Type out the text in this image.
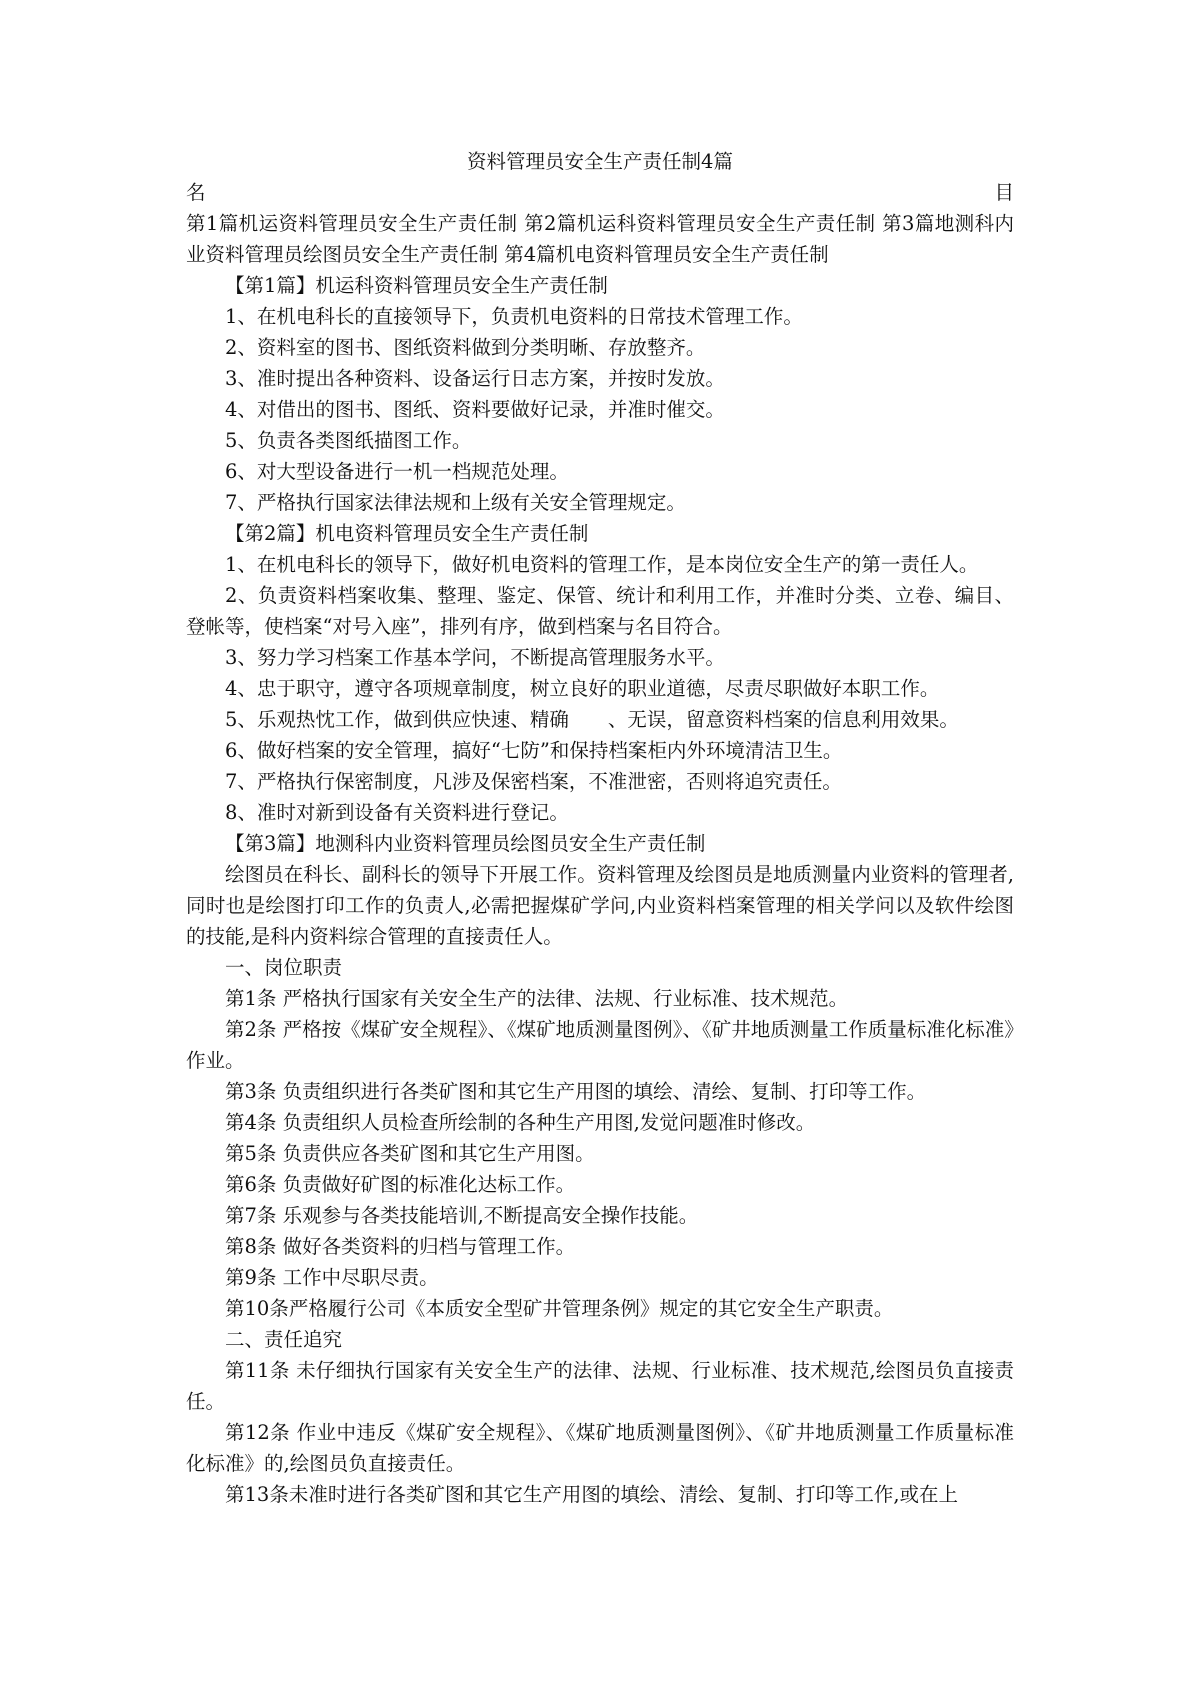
资料管理员安全生产责任制4篇

名	目

第1篇机运资料管理员安全生产责任制 第2篇机运科资料管理员安全生产责任制 第3篇地测科内业资料管理员绘图员安全生产责任制 第4篇机电资料管理员安全生产责任制

【第1篇】机运科资料管理员安全生产责任制

1、在机电科长的直接领导下，负责机电资料的日常技术管理工作。

2、资料室的图书、图纸资料做到分类明晰、存放整齐。

3、准时提出各种资料、设备运行日志方案，并按时发放。

4、对借出的图书、图纸、资料要做好记录，并准时催交。

5、负责各类图纸描图工作。

6、对大型设备进行一机一档规范处理。

7、严格执行国家法律法规和上级有关安全管理规定。

【第2篇】机电资料管理员安全生产责任制

1、在机电科长的领导下，做好机电资料的管理工作，是本岗位安全生产的第一责任人。

2、负责资料档案收集、整理、鉴定、保管、统计和利用工作，并准时分类、立卷、编目、登帐等，使档案“对号入座”，排列有序，做到档案与名目符合。

3、努力学习档案工作基本学问，不断提高管理服务水平。

4、忠于职守，遵守各项规章制度，树立良好的职业道德，尽责尽职做好本职工作。

5、乐观热忱工作，做到供应快速、精确　　、无误，留意资料档案的信息利用效果。

6、做好档案的安全管理，搞好“七防”和保持档案柜内外环境清洁卫生。

7、严格执行保密制度，凡涉及保密档案，不准泄密，否则将追究责任。

8、准时对新到设备有关资料进行登记。

【第3篇】地测科内业资料管理员绘图员安全生产责任制

绘图员在科长、副科长的领导下开展工作。资料管理及绘图员是地质测量内业资料的管理者,同时也是绘图打印工作的负责人,必需把握煤矿学问,内业资料档案管理的相关学问以及软件绘图的技能,是科内资料综合管理的直接责任人。

一、岗位职责

第1条 严格执行国家有关安全生产的法律、法规、行业标准、技术规范。

第2条 严格按《煤矿安全规程》、《煤矿地质测量图例》、《矿井地质测量工作质量标准化标准》作业。

第3条 负责组织进行各类矿图和其它生产用图的填绘、清绘、复制、打印等工作。

第4条 负责组织人员检查所绘制的各种生产用图,发觉问题准时修改。

第5条 负责供应各类矿图和其它生产用图。

第6条 负责做好矿图的标准化达标工作。

第7条 乐观参与各类技能培训,不断提高安全操作技能。

第8条 做好各类资料的归档与管理工作。

第9条 工作中尽职尽责。

第10条严格履行公司《本质安全型矿井管理条例》规定的其它安全生产职责。

二、责任追究

第11条 未仔细执行国家有关安全生产的法律、法规、行业标准、技术规范,绘图员负直接责任。

第12条 作业中违反《煤矿安全规程》、《煤矿地质测量图例》、《矿井地质测量工作质量标准化标准》的,绘图员负直接责任。

第13条未准时进行各类矿图和其它生产用图的填绘、清绘、复制、打印等工作,或在上
